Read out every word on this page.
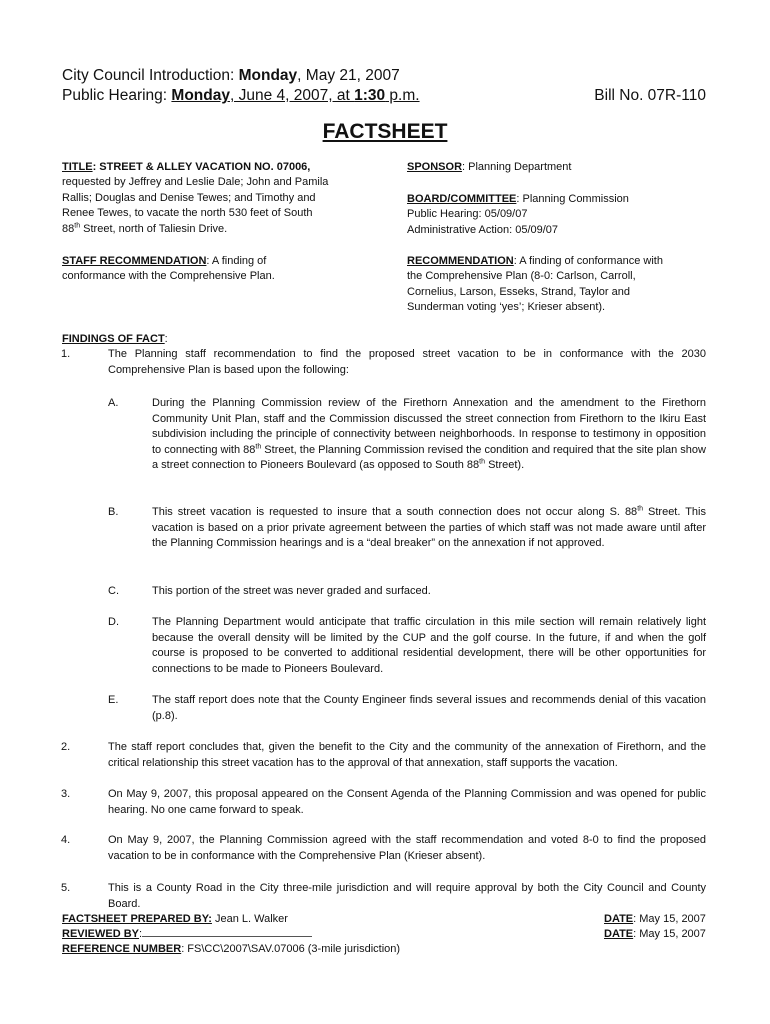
City Council Introduction: Monday, May 21, 2007
Public Hearing: Monday, June 4, 2007, at 1:30 p.m.	Bill No. 07R-110
FACTSHEET

TITLE: STREET & ALLEY VACATION NO. 07006,

requested by Jeffrey and Leslie Dale; John and Pamila

Rallis; Douglas and Denise Tewes; and Timothy and

Renee Tewes, to vacate the north 530 feet of South

88th Street, north of Taliesin Drive.

STAFF RECOMMENDATION: A finding of

conformance with the Comprehensive Plan.

SPONSOR: Planning Department

BOARD/COMMITTEE: Planning Commission

Public Hearing: 05/09/07

Administrative Action: 05/09/07

RECOMMENDATION: A finding of conformance with

the Comprehensive Plan (8-0: Carlson, Carroll,

Cornelius, Larson, Esseks, Strand, Taylor and

Sunderman voting ‘yes’; Krieser absent).

FINDINGS OF FACT:
1.	The Planning staff recommendation to find the proposed street vacation to be in conformance with the 2030 Comprehensive Plan is based upon the following:
A.	During the Planning Commission review of the Firethorn Annexation and the amendment to the Firethorn Community Unit Plan, staff and the Commission discussed the street connection from Firethorn to the Ikiru East subdivision including the principle of connectivity between neighborhoods. In response to testimony in opposition to connecting with 88th Street, the Planning Commission revised the condition and required that the site plan show a street connection to Pioneers Boulevard (as opposed to South 88th Street).
B.	This street vacation is requested to insure that a south connection does not occur along S. 88th Street. This vacation is based on a prior private agreement between the parties of which staff was not made aware until after the Planning Commission hearings and is a “deal breaker” on the annexation if not approved.
C.	This portion of the street was never graded and surfaced.
D.	The Planning Department would anticipate that traffic circulation in this mile section will remain relatively light because the overall density will be limited by the CUP and the golf course. In the future, if and when the golf course is proposed to be converted to additional residential development, there will be other opportunities for connections to be made to Pioneers Boulevard.
E.	The staff report does note that the County Engineer finds several issues and recommends denial of this vacation (p.8).
2.	The staff report concludes that, given the benefit to the City and the community of the annexation of Firethorn, and the critical relationship this street vacation has to the approval of that annexation, staff supports the vacation.
3.	On May 9, 2007, this proposal appeared on the Consent Agenda of the Planning Commission and was opened for public hearing. No one came forward to speak.
4.	On May 9, 2007, the Planning Commission agreed with the staff recommendation and voted 8-0 to find the proposed vacation to be in conformance with the Comprehensive Plan (Krieser absent).
5.	This is a County Road in the City three-mile jurisdiction and will require approval by both the City Council and County Board.
FACTSHEET PREPARED BY: Jean L. Walker
REVIEWED BY:
REFERENCE NUMBER: FS\CC\2007\SAV.07006 (3-mile jurisdiction)
DATE: May 15, 2007
DATE: May 15, 2007
